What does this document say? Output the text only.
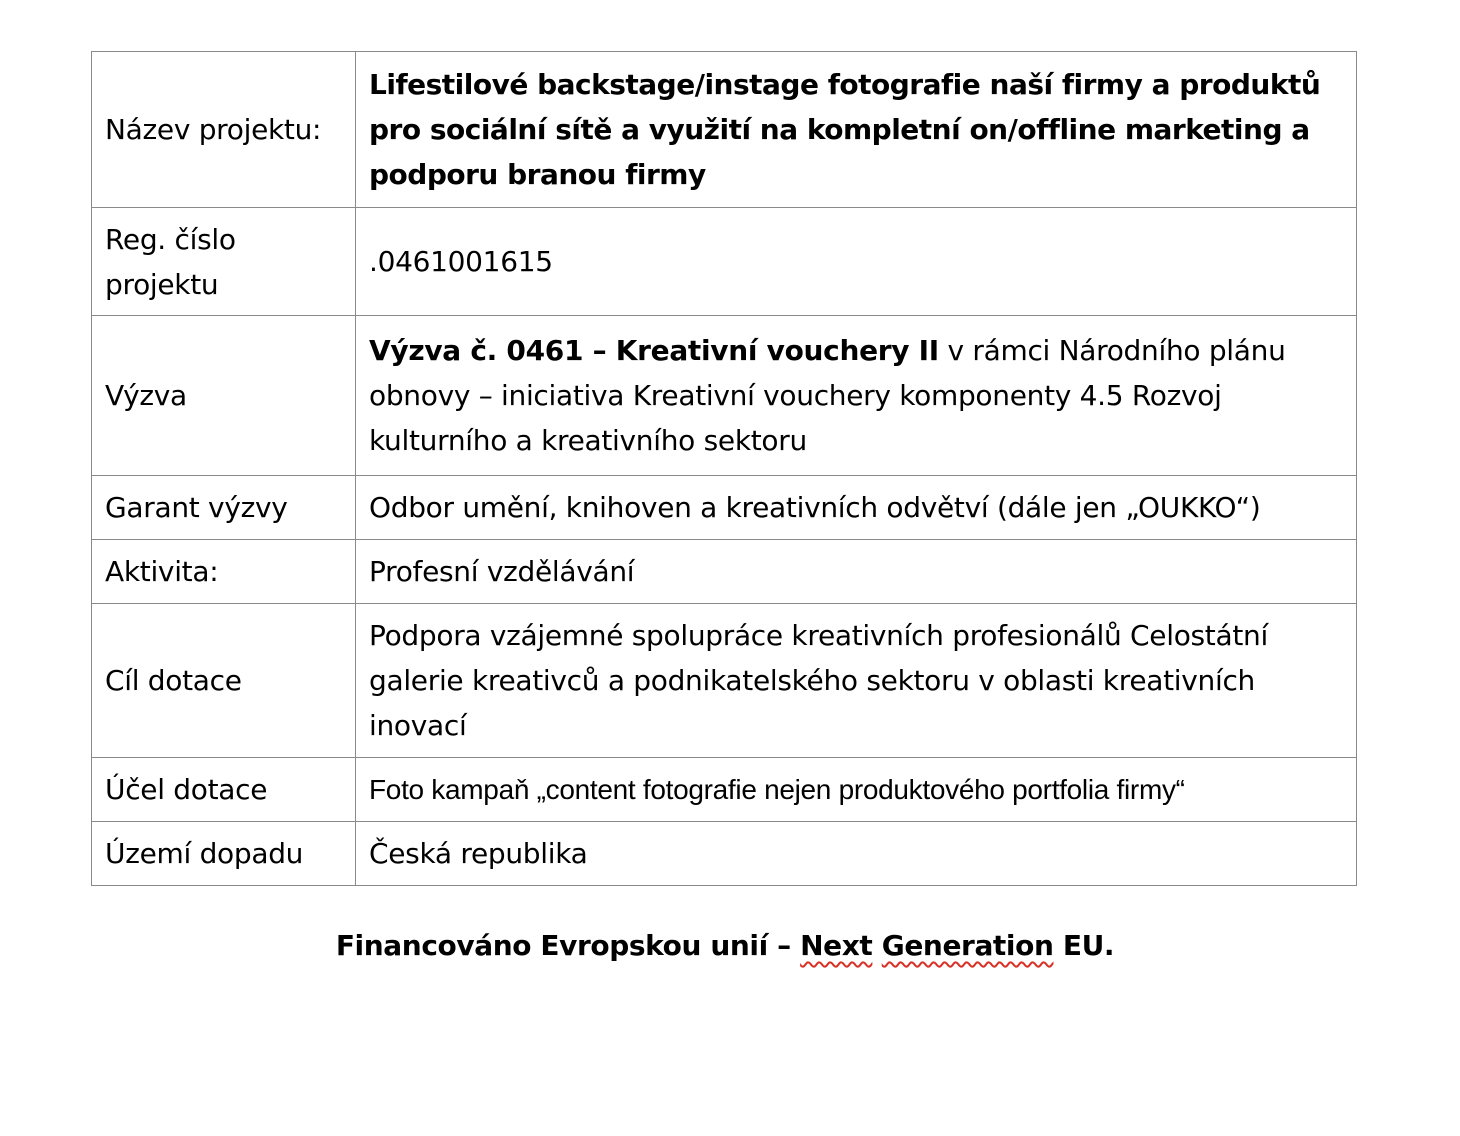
Název projektu:	Lifestilové backstage/instage fotografie naší firmy a produktů pro sociální sítě a využití na kompletní on/offline marketing a podporu branou firmy
Reg. číslo projektu	.0461001615
Výzva	Výzva č. 0461 – Kreativní vouchery II v rámci Národního plánu obnovy – iniciativa Kreativní vouchery komponenty 4.5 Rozvoj kulturního a kreativního sektoru
Garant výzvy	Odbor umění, knihoven a kreativních odvětví (dále jen „OUKKO“)
Aktivita:	Profesní vzdělávání
Cíl dotace	Podpora vzájemné spolupráce kreativních profesionálů Celostátní galerie kreativců a podnikatelského sektoru v oblasti kreativních inovací
Účel dotace	Foto kampaň „content fotografie nejen produktového portfolia firmy“
Území dopadu	Česká republika
Financováno Evropskou unií – Next Generation EU.
